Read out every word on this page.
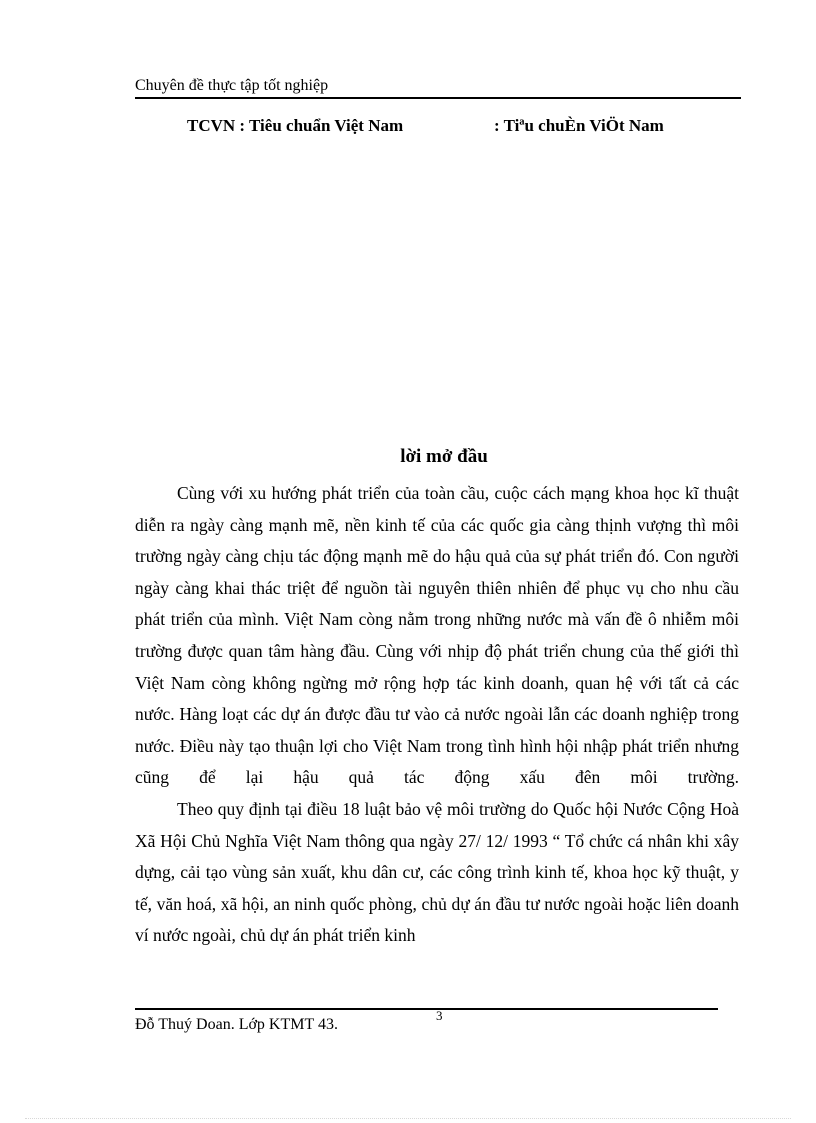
Chuyên đề thực tập tốt nghiệp
TCVN : Tiêu chuẩn Việt Nam	: Tiªu chuÈn ViÖt Nam
lời mở đầu

Cùng với xu hướng phát triển của toàn cầu, cuộc cách mạng khoa học kĩ thuật diễn ra ngày càng mạnh mẽ, nền kinh tế của các quốc gia càng thịnh vượng thì môi trường ngày càng chịu tác động mạnh mẽ do hậu quả của sự phát triển đó. Con người ngày càng khai thác triệt để nguồn tài nguyên thiên nhiên để phục vụ cho nhu cầu phát triển của mình. Việt Nam còng nằm trong những nước mà vấn đề ô nhiễm môi trường được quan tâm hàng đầu. Cùng với nhịp độ phát triển chung của thế giới thì Việt Nam còng không ngừng mở rộng hợp tác kinh doanh, quan hệ với tất cả các nước. Hàng loạt các dự án được đầu tư vào cả nước ngoài lẫn các doanh nghiệp trong nước. Điều này tạo thuận lợi cho Việt Nam trong tình hình hội nhập phát triển nhưng cũng để lại hậu quả tác động xấu đên môi trường.

Theo quy định tại điều 18 luật bảo vệ môi trường do Quốc hội Nước Cộng Hoà Xã Hội Chủ Nghĩa Việt Nam thông qua ngày 27/ 12/ 1993 “ Tổ chức cá nhân khi xây dựng, cải tạo vùng sản xuất, khu dân cư, các công trình kinh tế, khoa học kỹ thuật, y tế, văn hoá, xã hội, an ninh quốc phòng, chủ dự án đầu tư nước ngoài hoặc liên doanh ví nước ngoài, chủ dự án phát triển kinh

Đỗ Thuý Doan. Lớp KTMT 43.
3
